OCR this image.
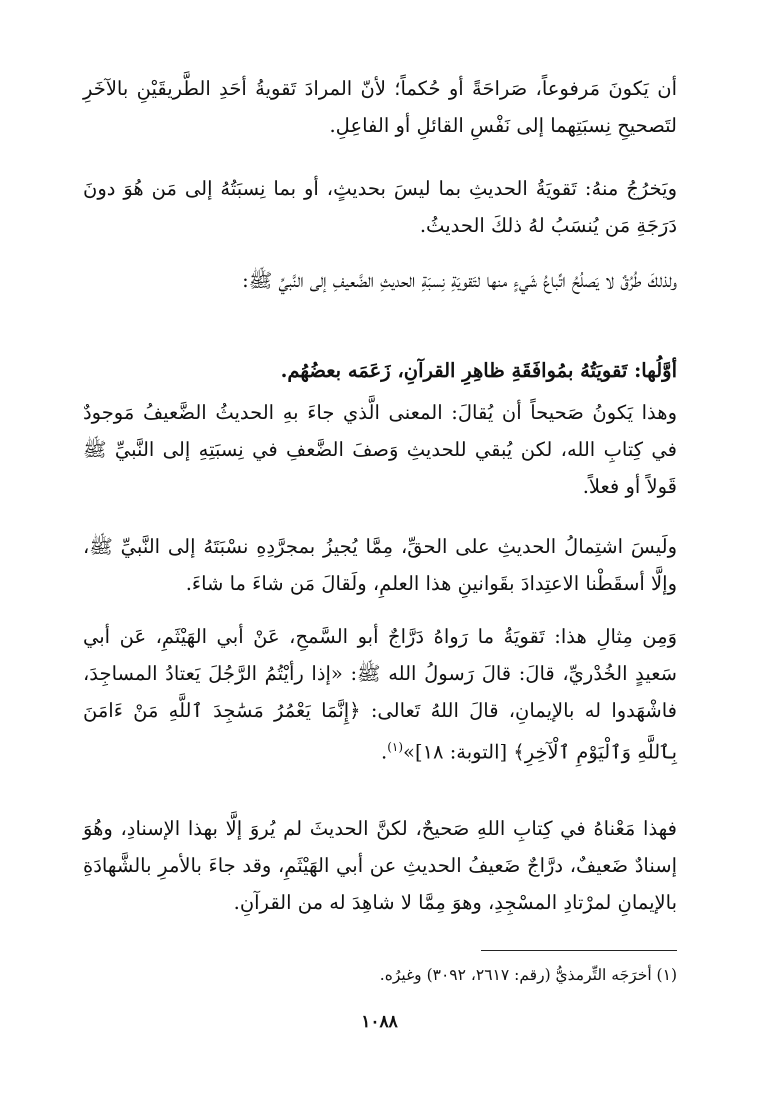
أن يَكونَ مَرفوعاً، صَراحَةً أو حُكماً؛ لأنّ المرادَ تَقويةُ أحَدِ الطَّريقَيْنِ بالآخَرِ لتَصحيحِ نِسبَتِهما إلى نَفْسِ القائلِ أو الفاعِلِ.

ويَخرُجُ منهُ: تَقويَةُ الحديثِ بما ليسَ بحديثٍ، أو بما نِسبَتُهُ إلى مَن هُوَ دونَ دَرَجَةِ مَن يُنسَبُ لهُ ذلكَ الحديثُ.

ولذلكَ طُرُقٌ لا يَصلُحُ اتِّباعُ شَيءٍ منها لتَقويَةِ نِسبَةِ الحديثِ الضَّعيفِ إلى النَّبيِّ ﷺ:

أوَّلُها: تَقويَتُهُ بمُوافَقَةِ ظاهِرِ القرآنِ، زَعَمَه بعضُهُم.

وهذا يَكونُ صَحيحاً أن يُقالَ: المعنى الَّذي جاءَ بهِ الحديثُ الضَّعيفُ مَوجودٌ في كِتابِ الله، لكن يُبقي للحديثِ وَصفَ الضَّعفِ في نِسبَتِهِ إلى النَّبيِّ ﷺ قَولاً أو فعلاً.

ولَيسَ اشتِمالُ الحديثِ على الحقِّ، مِمَّا يُجيزُ بمجرَّدِهِ نسْبَتَهُ إلى النَّبيِّ ﷺ، وإلَّا أسقَطْنا الاعتِدادَ بقَوانينِ هذا العلمِ، ولَقالَ مَن شاءَ ما شاءَ.

وَمِن مِثالِ هذا: تَقويَةُ ما رَواهُ دَرَّاجٌ أبو السَّمحِ، عَنْ أبي الهَيْثَمِ، عَن أبي سَعيدٍ الخُدْريِّ، قالَ: قالَ رَسولُ الله ﷺ: «إذا رأيْتُمُ الرَّجُلَ يَعتادُ المساجِدَ، فاشْهَدوا له بالإيمانِ، قالَ اللهُ تَعالى: ﴿إِنَّمَا يَعْمُرُ مَسَٰجِدَ ٱللَّهِ مَنْ ءَامَنَ بِٱللَّهِ وَٱلْيَوْمِ ٱلْآخِرِ﴾ [التوبة: ١٨]»$^{(١)}$.

فهذا مَعْناهُ في كِتابِ اللهِ صَحيحٌ، لكنَّ الحديثَ لم يُروَ إلَّا بهذا الإسنادِ، وهُوَ إسنادٌ ضَعيفٌ، درَّاجٌ ضَعيفُ الحديثِ عن أبي الهَيْثَمِ، وقد جاءَ بالأمرِ بالشَّهادَةِ بالإيمانِ لمرْتادِ المسْجِدِ، وهوَ مِمَّا لا شاهِدَ له من القرآنِ.

(١) أخرَجَه التِّرمذيُّ (رقم: ٢٦١٧، ٣٠٩٢) وغيرُه.

١٠٨٨
